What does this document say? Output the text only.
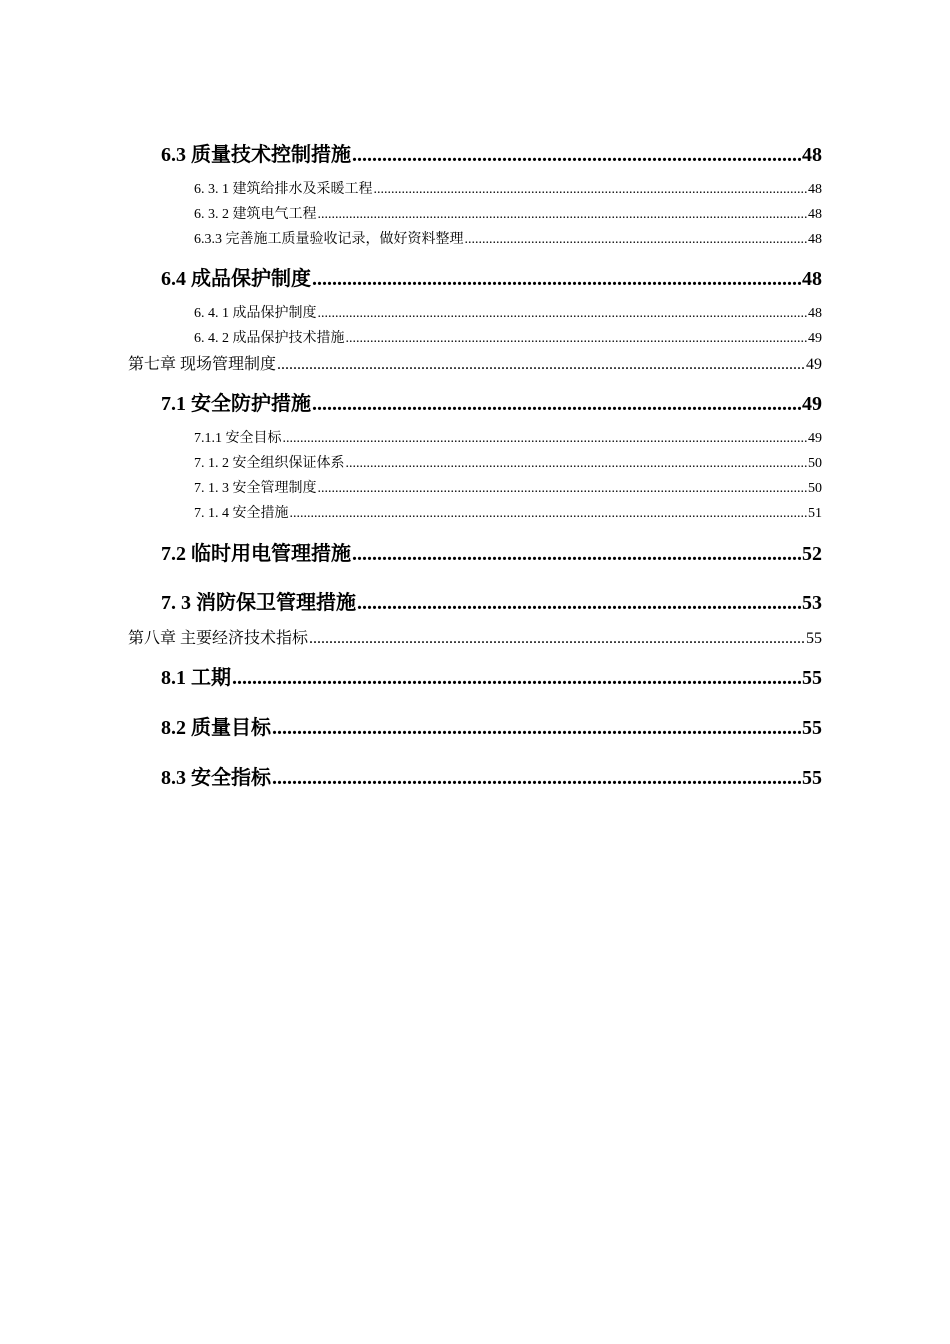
6.3 质量技术控制措施 .....	48
6. 3. 1 建筑给排水及采暖工程 .....	48
6. 3. 2 建筑电气工程 .....	48
6.3.3 完善施工质量验收记录，做好资料整理 .....	48
6.4 成品保护制度 .....	48
6. 4. 1 成品保护制度 .....	48
6. 4. 2 成品保护技术措施 .....	49
第七章 现场管理制度 .....	49
7.1 安全防护措施 .....	49
7.1.1 安全目标 .....	49
7. 1. 2 安全组织保证体系 .....	50
7. 1. 3 安全管理制度 .....	50
7. 1. 4 安全措施 .....	51
7.2 临时用电管理措施 .....	52
7. 3 消防保卫管理措施 .....	53
第八章 主要经济技术指标 .....	55
8.1 工期 .....	55
8.2 质量目标 .....	55
8.3 安全指标 .....	55
